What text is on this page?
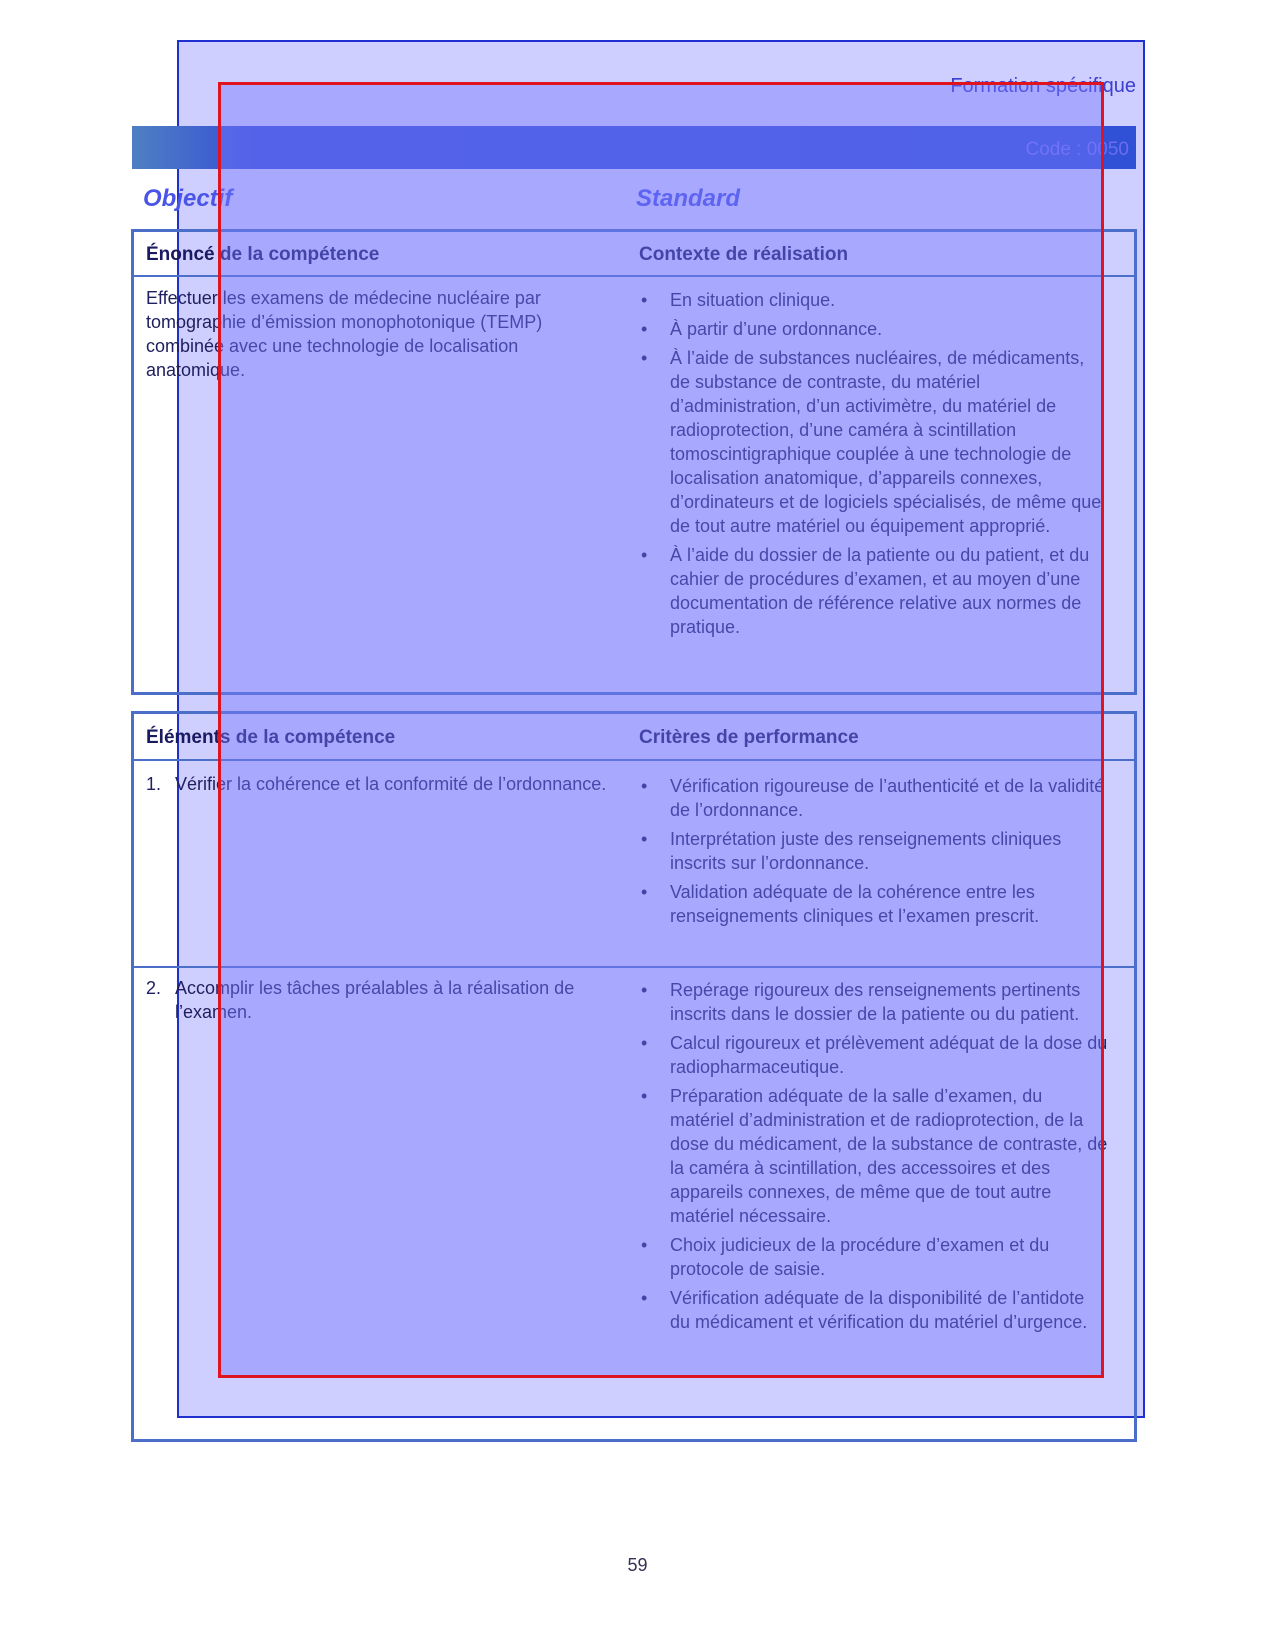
Formation spécifique
Code : 0050
Objectif	Standard
Énoncé de la compétence	Contexte de réalisation
Effectuer les examens de médecine nucléaire par tomographie d’émission monophotonique (TEMP) combinée avec une technologie de localisation anatomique.
• En situation clinique.
• À partir d’une ordonnance.
• À l’aide de substances nucléaires, de médicaments, de substance de contraste, du matériel d’administration, d’un activimètre, du matériel de radioprotection, d’une caméra à scintillation tomoscintigraphique couplée à une technologie de localisation anatomique, d’appareils connexes, d’ordinateurs et de logiciels spécialisés, de même que de tout autre matériel ou équipement approprié.
• À l’aide du dossier de la patiente ou du patient, et du cahier de procédures d’examen, et au moyen d’une documentation de référence relative aux normes de pratique.
Éléments de la compétence	Critères de performance
1. Vérifier la cohérence et la conformité de l’ordonnance.
•	Vérification rigoureuse de l’authenticité et de la validité de l’ordonnance.
• Interprétation juste des renseignements cliniques inscrits sur l’ordonnance.
• Validation adéquate de la cohérence entre les renseignements cliniques et l’examen prescrit.
2. Accomplir les tâches préalables à la réalisation de l’examen.
• Repérage rigoureux des renseignements pertinents inscrits dans le dossier de la patiente ou du patient.
• Calcul rigoureux et prélèvement adéquat de la dose du radiopharmaceutique.
• Préparation adéquate de la salle d’examen, du matériel d’administration et de radioprotection, de la dose du médicament, de la substance de contraste, de la caméra à scintillation, des accessoires et des appareils connexes, de même que de tout autre matériel nécessaire.
• Choix judicieux de la procédure d’examen et du protocole de saisie.
• Vérification adéquate de la disponibilité de l’antidote du médicament et vérification du matériel d’urgence.
59
